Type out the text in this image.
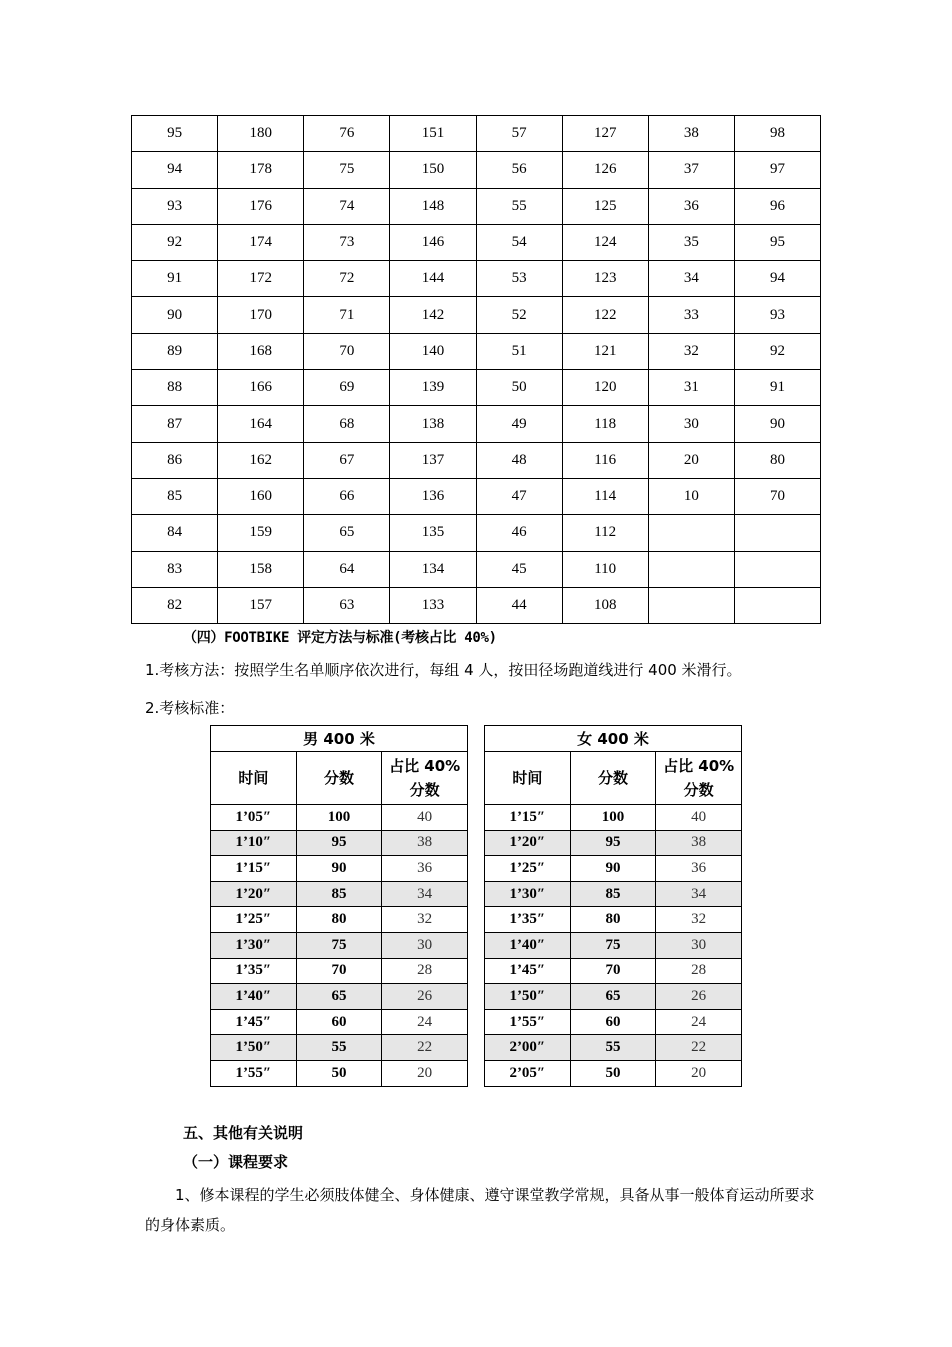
95	180	76	151	57	127	38	98
94	178	75	150	56	126	37	97
93	176	74	148	55	125	36	96
92	174	73	146	54	124	35	95
91	172	72	144	53	123	34	94
90	170	71	142	52	122	33	93
89	168	70	140	51	121	32	92
88	166	69	139	50	120	31	91
87	164	68	138	49	118	30	90
86	162	67	137	48	116	20	80
85	160	66	136	47	114	10	70
84	159	65	135	46	112		
83	158	64	134	45	110		
82	157	63	133	44	108		
（四）FOOTBIKE 评定方法与标准(考核占比 40%)
1.考核方法：按照学生名单顺序依次进行，每组 4 人，按田径场跑道线进行 400 米滑行。
2.考核标准：
男 400 米		
时间	分数	占比 40%
分数
1’05″	100	40
1’10″	95	38
1’15″	90	36
1’20″	85	34
1’25″	80	32
1’30″	75	30
1’35″	70	28
1’40″	65	26
1’45″	60	24
1’50″	55	22
1’55″	50	20
女 400 米		
时间	分数	占比 40%
分数
1’15″	100	40
1’20″	95	38
1’25″	90	36
1’30″	85	34
1’35″	80	32
1’40″	75	30
1’45″	70	28
1’50″	65	26
1’55″	60	24
2’00″	55	22
2’05″	50	20
五、其他有关说明
（一）课程要求
1、修本课程的学生必须肢体健全、身体健康、遵守课堂教学常规，具备从事一般体育运动所要求的身体素质。
